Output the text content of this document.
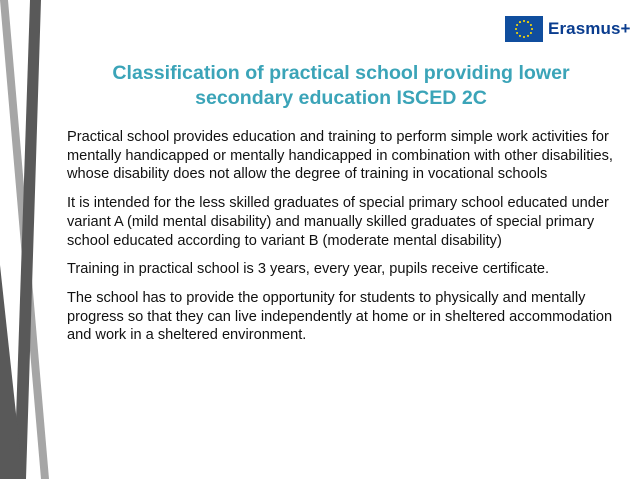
Erasmus+
Classification of practical school providing lower secondary education ISCED 2C

Practical school provides education and training to perform simple work activities for mentally handicapped or mentally handicapped in combination with other disabilities, whose disability does not allow the degree of training in vocational schools

It is intended for the less skilled graduates of special primary school educated under variant A (mild mental disability) and manually skilled graduates of special primary school educated according to variant B (moderate mental disability)

Training in practical school is 3 years, every year, pupils receive certificate.

The school has to provide the opportunity for students to physically and mentally progress so that they can live independently at home or in sheltered accommodation and work in a sheltered environment.
